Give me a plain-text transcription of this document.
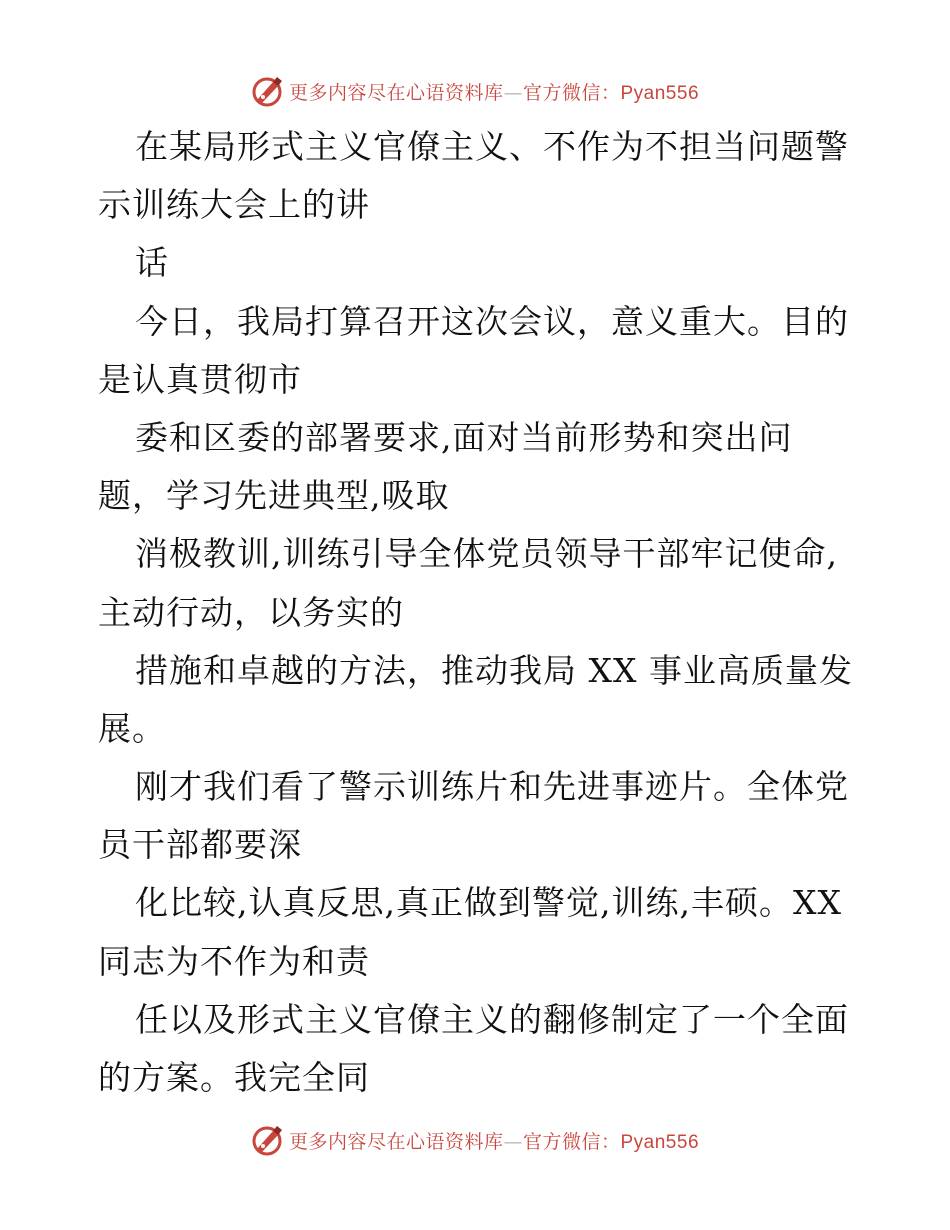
更多内容尽在心语资料库—官方微信：Pyan556
在某局形式主义官僚主义、不作为不担当问题警
示训练大会上的讲
话
今日，我局打算召开这次会议，意义重大。目的
是认真贯彻市
委和区委的部署要求,面对当前形势和突出问
题，学习先进典型,吸取
消极教训,训练引导全体党员领导干部牢记使命,
主动行动，以务实的
措施和卓越的方法，推动我局 XX 事业高质量发
展。
刚才我们看了警示训练片和先进事迹片。全体党
员干部都要深
化比较,认真反思,真正做到警觉,训练,丰硕。XX
同志为不作为和责
任以及形式主义官僚主义的翻修制定了一个全面
的方案。我完全同
更多内容尽在心语资料库—官方微信：Pyan556
